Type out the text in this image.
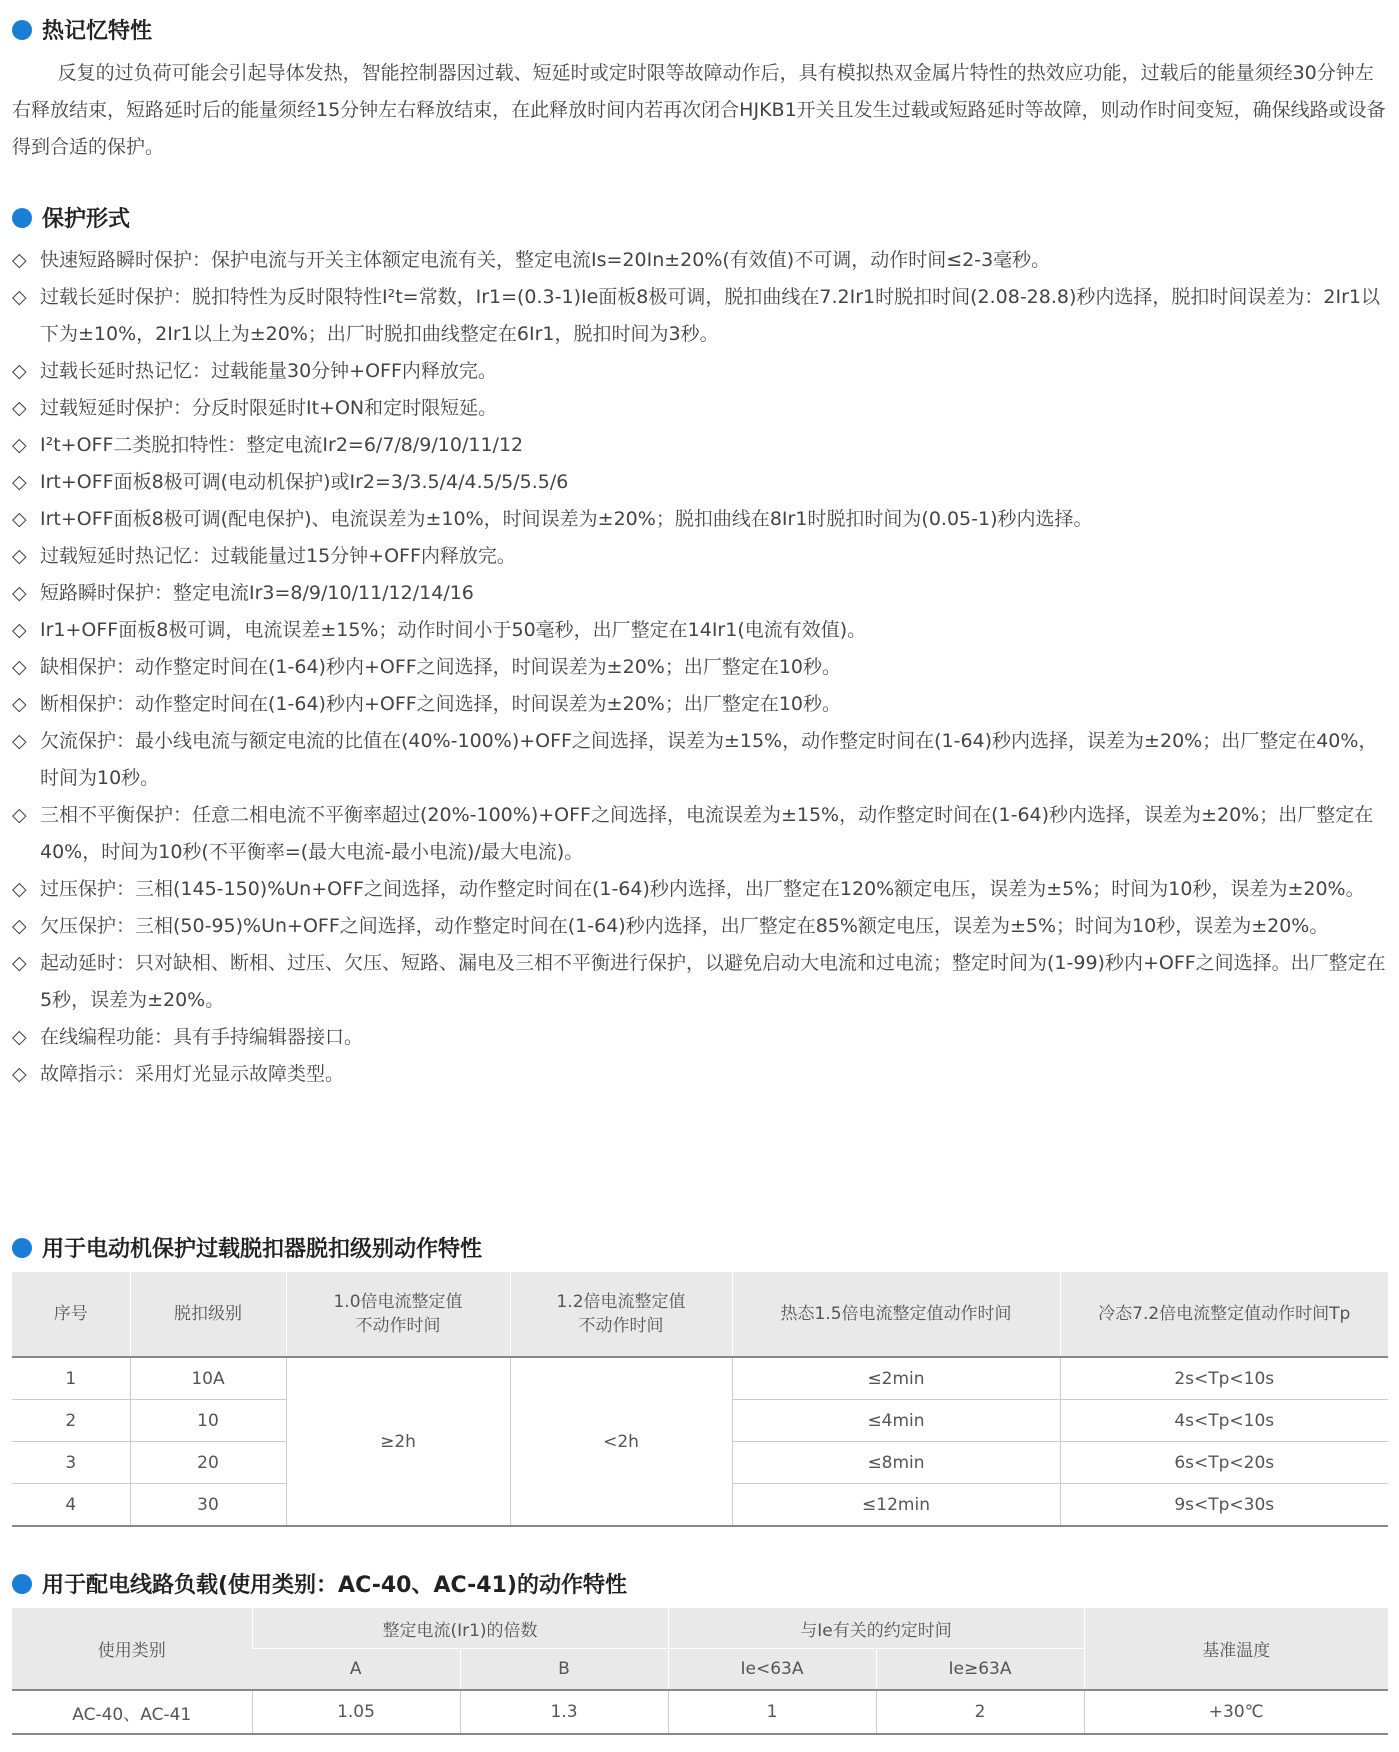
热记忆特性
反复的过负荷可能会引起导体发热，智能控制器因过载、短延时或定时限等故障动作后，具有模拟热双金属片特性的热效应功能，过载后的能量须经30分钟左右释放结束，短路延时后的能量须经15分钟左右释放结束，在此释放时间内若再次闭合HJKB1开关且发生过载或短路延时等故障，则动作时间变短，确保线路或设备得到合适的保护。
保护形式
◇ 快速短路瞬时保护：保护电流与开关主体额定电流有关，整定电流Is=20In±20%(有效值)不可调，动作时间≤2-3毫秒。
◇ 过载长延时保护：脱扣特性为反时限特性I²t=常数，Ir1=(0.3-1)Ie面板8极可调，脱扣曲线在7.2Ir1时脱扣时间(2.08-28.8)秒内选择，脱扣时间误差为：2Ir1以下为±10%，2Ir1以上为±20%；出厂时脱扣曲线整定在6Ir1，脱扣时间为3秒。
◇ 过载长延时热记忆：过载能量30分钟+OFF内释放完。
◇ 过载短延时保护：分反时限延时It+ON和定时限短延。
◇ I²t+OFF二类脱扣特性：整定电流Ir2=6/7/8/9/10/11/12
◇ Irt+OFF面板8极可调(电动机保护)或Ir2=3/3.5/4/4.5/5/5.5/6
◇ Irt+OFF面板8极可调(配电保护)、电流误差为±10%，时间误差为±20%；脱扣曲线在8Ir1时脱扣时间为(0.05-1)秒内选择。
◇ 过载短延时热记忆：过载能量过15分钟+OFF内释放完。
◇ 短路瞬时保护：整定电流Ir3=8/9/10/11/12/14/16
◇ Ir1+OFF面板8极可调，电流误差±15%；动作时间小于50毫秒，出厂整定在14Ir1(电流有效值)。
◇ 缺相保护：动作整定时间在(1-64)秒内+OFF之间选择，时间误差为±20%；出厂整定在10秒。
◇ 断相保护：动作整定时间在(1-64)秒内+OFF之间选择，时间误差为±20%；出厂整定在10秒。
◇ 欠流保护：最小线电流与额定电流的比值在(40%-100%)+OFF之间选择，误差为±15%，动作整定时间在(1-64)秒内选择，误差为±20%；出厂整定在40%，时间为10秒。
◇ 三相不平衡保护：任意二相电流不平衡率超过(20%-100%)+OFF之间选择，电流误差为±15%，动作整定时间在(1-64)秒内选择，误差为±20%；出厂整定在40%，时间为10秒(不平衡率=(最大电流-最小电流)/最大电流)。
◇ 过压保护：三相(145-150)%Un+OFF之间选择，动作整定时间在(1-64)秒内选择，出厂整定在120%额定电压，误差为±5%；时间为10秒，误差为±20%。
◇ 欠压保护：三相(50-95)%Un+OFF之间选择，动作整定时间在(1-64)秒内选择，出厂整定在85%额定电压，误差为±5%；时间为10秒，误差为±20%。
◇ 起动延时：只对缺相、断相、过压、欠压、短路、漏电及三相不平衡进行保护，以避免启动大电流和过电流；整定时间为(1-99)秒内+OFF之间选择。出厂整定在5秒，误差为±20%。
◇ 在线编程功能：具有手持编辑器接口。
◇ 故障指示：采用灯光显示故障类型。
用于电动机保护过载脱扣器脱扣级别动作特性
序号	脱扣级别	1.0倍电流整定值不动作时间	1.2倍电流整定值不动作时间	热态1.5倍电流整定值动作时间	冷态7.2倍电流整定值动作时间Tp
1	10A	≥2h	<2h	≤2min	2s<Tp<10s
2	10			≤4min	4s<Tp<10s
3	20			≤8min	6s<Tp<20s
4	30			≤12min	9s<Tp<30s
用于配电线路负载(使用类别：AC-40、AC-41)的动作特性
使用类别	整定电流(Ir1)的倍数		与Ie有关的约定时间		基准温度
	A	B	Ie<63A	Ie≥63A	
AC-40、AC-41	1.05	1.3	1	2	+30℃
